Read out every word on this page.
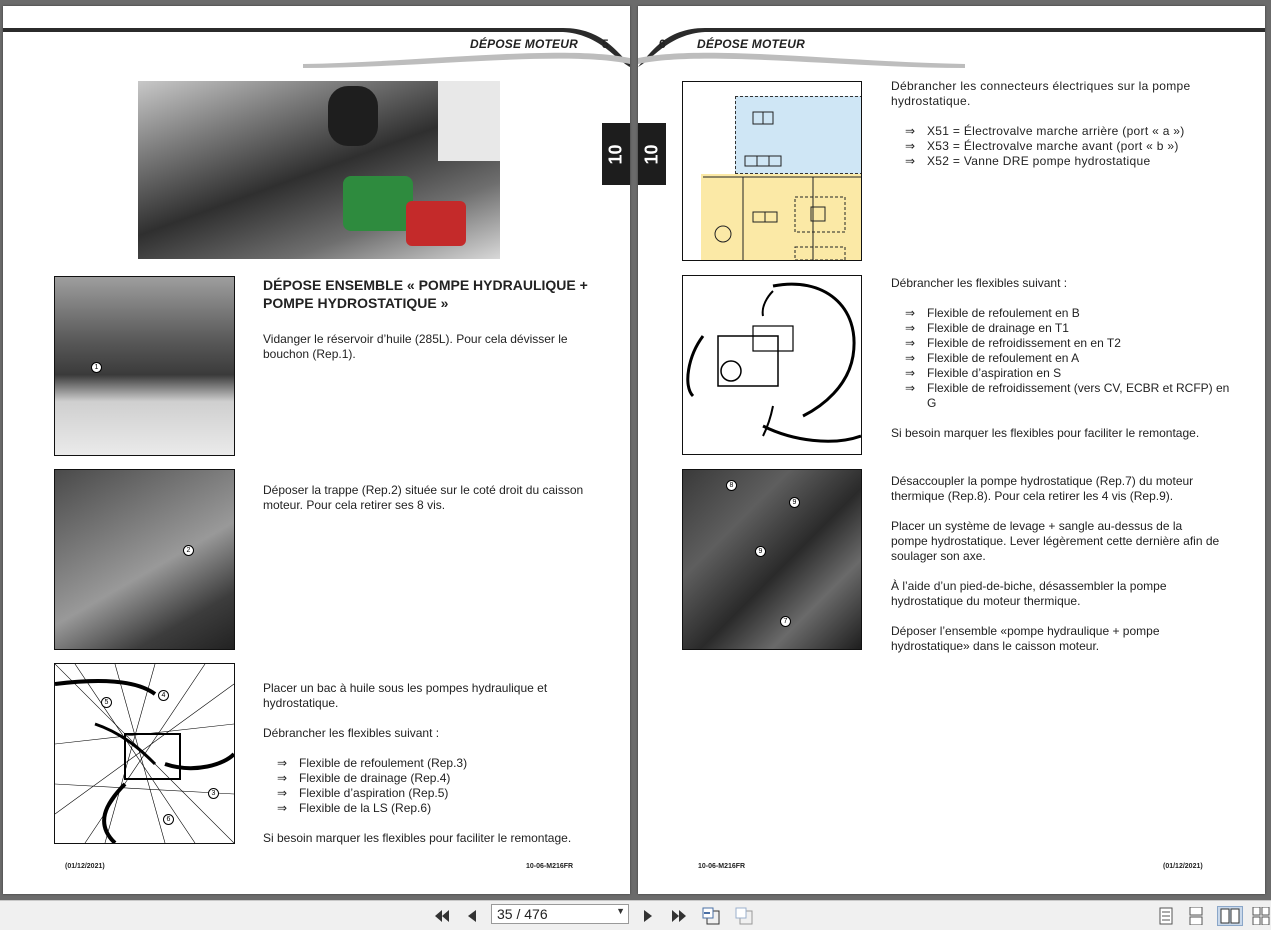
DÉPOSE MOTEUR 5
10
1
DÉPOSE ENSEMBLE « POMPE HYDRAULIQUE + POMPE HYDROSTATIQUE »

Vidanger le réservoir d’huile (285L). Pour cela dévisser le bouchon (Rep.1).

2

Déposer la trappe (Rep.2) située sur le coté droit du caisson moteur. Pour cela retirer ses 8 vis.

4
5
3
6

Placer un bac à huile sous les pompes hydraulique et hydrostatique.

Débrancher les flexibles suivant :

⇒ Flexible de refoulement (Rep.3)
⇒ Flexible de drainage (Rep.4)
⇒ Flexible d’aspiration (Rep.5)
⇒ Flexible de la LS (Rep.6)

Si besoin marquer les flexibles pour faciliter le remontage.

(01/12/2021)	10-06-M216FR
6	DÉPOSE MOTEUR
10

Débrancher les connecteurs électriques sur la pompe hydrostatique.

⇒ X51 = Électrovalve marche arrière (port « a »)
⇒ X53 = Électrovalve marche avant (port « b »)
⇒ X52 = Vanne DRE pompe hydrostatique

Débrancher les flexibles suivant :

⇒ Flexible de refoulement en B
⇒ Flexible de drainage en T1
⇒ Flexible de refroidissement en en T2
⇒ Flexible de refoulement en A
⇒ Flexible d’aspiration en S
⇒ Flexible de refroidissement (vers CV, ECBR et RCFP) en G

Si besoin marquer les flexibles pour faciliter le remontage.

8
9
9
7

Désaccoupler la pompe hydrostatique (Rep.7) du moteur thermique (Rep.8). Pour cela retirer les 4 vis (Rep.9).

Placer un système de levage + sangle au-dessus de la pompe hydrostatique. Lever légèrement cette dernière afin de soulager son axe.

À l’aide d’un pied-de-biche, désassembler la pompe hydrostatique du moteur thermique.

Déposer l’ensemble «pompe hydraulique + pompe hydrostatique» dans le caisson moteur.

10-06-M216FR	(01/12/2021)
35 / 476	▼
